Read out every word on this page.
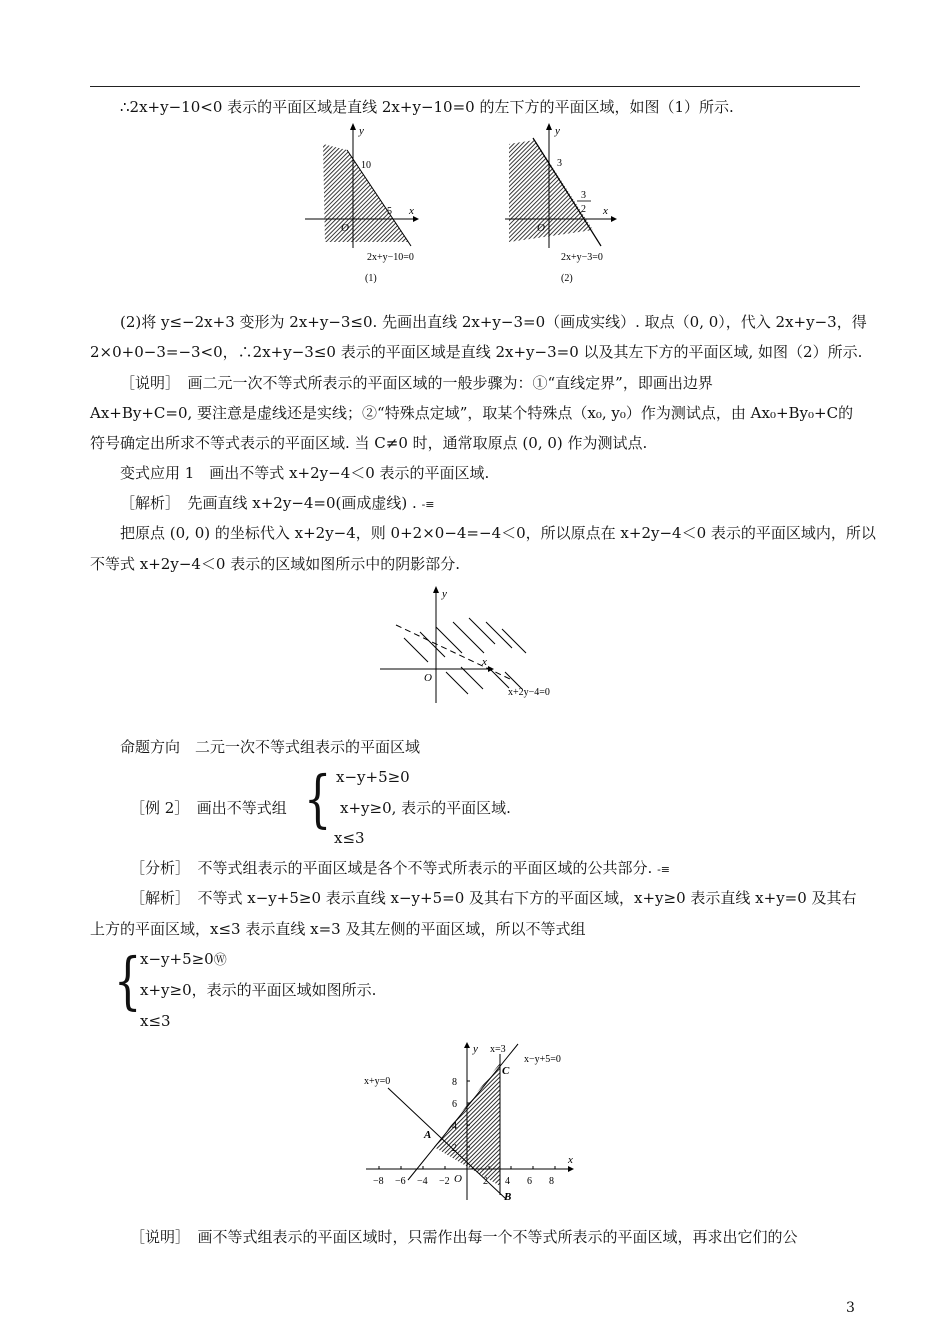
∴2x+y−10<0 表示的平面区域是直线 2x+y−10=0 的左下方的平面区域，如图（1）所示.
y
x
O
10
5
2x+y−10=0
(1)
y
x
O
3
3
2
2x+y−3=0
(2)
(2)将 y≤−2x+3 变形为 2x+y−3≤0. 先画出直线 2x+y−3=0（画成实线）. 取点（0, 0），代入 2x+y−3，得
2×0+0−3=−3<0，∴2x+y−3≤0 表示的平面区域是直线 2x+y−3=0 以及其左下方的平面区域, 如图（2）所示.
［说明］　画二元一次不等式所表示的平面区域的一般步骤为：①“直线定界”，即画出边界
Ax+By+C=0, 要注意是虚线还是实线；②“特殊点定域”，取某个特殊点（x₀, y₀）作为测试点，由 Ax₀+By₀+C的
符号确定出所求不等式表示的平面区域. 当 C≠0 时，通常取原点 (0, 0) 作为测试点.
变式应用 1　画出不等式 x+2y−4＜0 表示的平面区域.
［解析］　先画直线 x+2y−4=0(画成虚线) . -≡
把原点 (0, 0) 的坐标代入 x+2y−4，则 0+2×0−4=−4＜0，所以原点在 x+2y−4＜0 表示的平面区域内，所以
不等式 x+2y−4＜0 表示的区域如图所示中的阴影部分.
y
x
O
x+2y−4=0
命题方向　二元一次不等式组表示的平面区域
x−y+5≥0
{
［例 2］　画出不等式组	x+y≥0, 表示的平面区域.
x≤3
［分析］　不等式组表示的平面区域是各个不等式所表示的平面区域的公共部分. -≡
［解析］　不等式 x−y+5≥0 表示直线 x−y+5=0 及其右下方的平面区域，x+y≥0 表示直线 x+y=0 及其右
上方的平面区域，x≤3 表示直线 x=3 及其左侧的平面区域，所以不等式组
{
x−y+5≥0Ⓦ
x+y≥0，表示的平面区域如图所示.
x≤3
y
x
O
x=3
x−y+5=0
x+y=0
A
B
C
−8 −6 −4 −2	2 4 6 8
8
6
4
2
［说明］　画不等式组表示的平面区域时，只需作出每一个不等式所表示的平面区域，再求出它们的公
3
